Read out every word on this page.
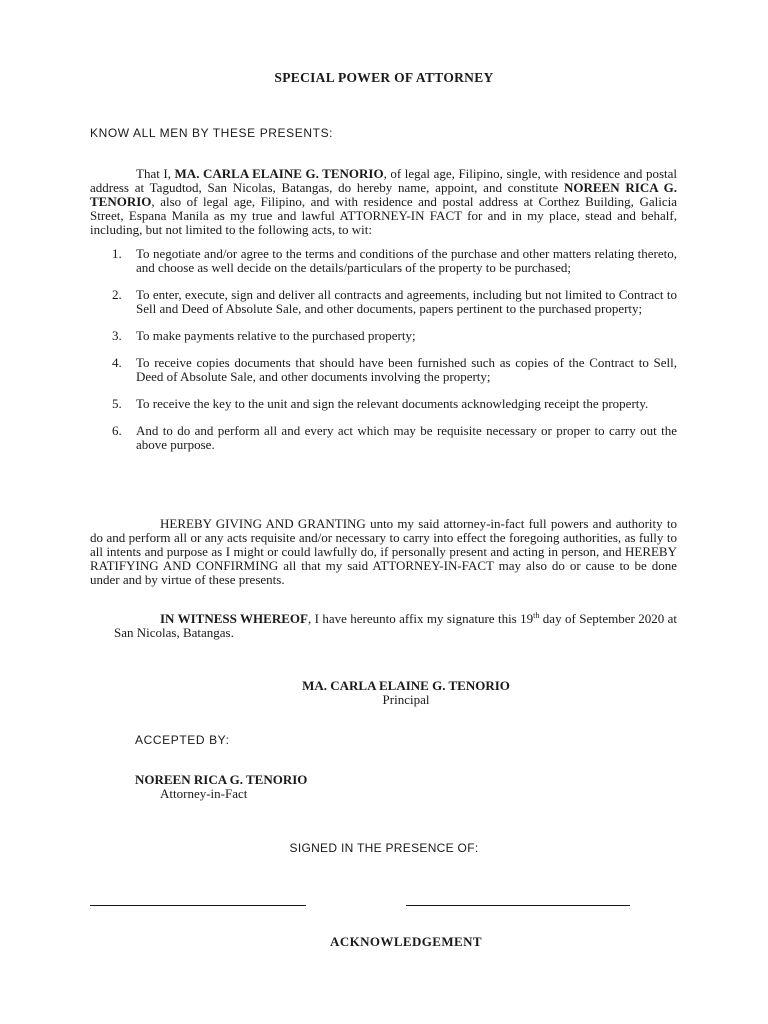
SPECIAL POWER OF ATTORNEY
KNOW ALL MEN BY THESE PRESENTS:
That I, MA. CARLA ELAINE G. TENORIO, of legal age, Filipino, single, with residence and postal address at Tagudtod, San Nicolas, Batangas, do hereby name, appoint, and constitute NOREEN RICA G. TENORIO, also of legal age, Filipino, and with residence and postal address at Corthez Building, Galicia Street, Espana Manila as my true and lawful ATTORNEY-IN FACT for and in my place, stead and behalf, including, but not limited to the following acts, to wit:
1. To negotiate and/or agree to the terms and conditions of the purchase and other matters relating thereto, and choose as well decide on the details/particulars of the property to be purchased;
2. To enter, execute, sign and deliver all contracts and agreements, including but not limited to Contract to Sell and Deed of Absolute Sale, and other documents, papers pertinent to the purchased property;
3. To make payments relative to the purchased property;
4. To receive copies documents that should have been furnished such as copies of the Contract to Sell, Deed of Absolute Sale, and other documents involving the property;
5. To receive the key to the unit and sign the relevant documents acknowledging receipt the property.
6. And to do and perform all and every act which may be requisite necessary or proper to carry out the above purpose.
HEREBY GIVING AND GRANTING unto my said attorney-in-fact full powers and authority to do and perform all or any acts requisite and/or necessary to carry into effect the foregoing authorities, as fully to all intents and purpose as I might or could lawfully do, if personally present and acting in person, and HEREBY RATIFYING AND CONFIRMING all that my said ATTORNEY-IN-FACT may also do or cause to be done under and by virtue of these presents.
IN WITNESS WHEREOF, I have hereunto affix my signature this 19th day of September 2020 at San Nicolas, Batangas.
MA. CARLA ELAINE G. TENORIO
Principal
ACCEPTED BY:
NOREEN RICA G. TENORIO
Attorney-in-Fact
SIGNED IN THE PRESENCE OF:
ACKNOWLEDGEMENT
